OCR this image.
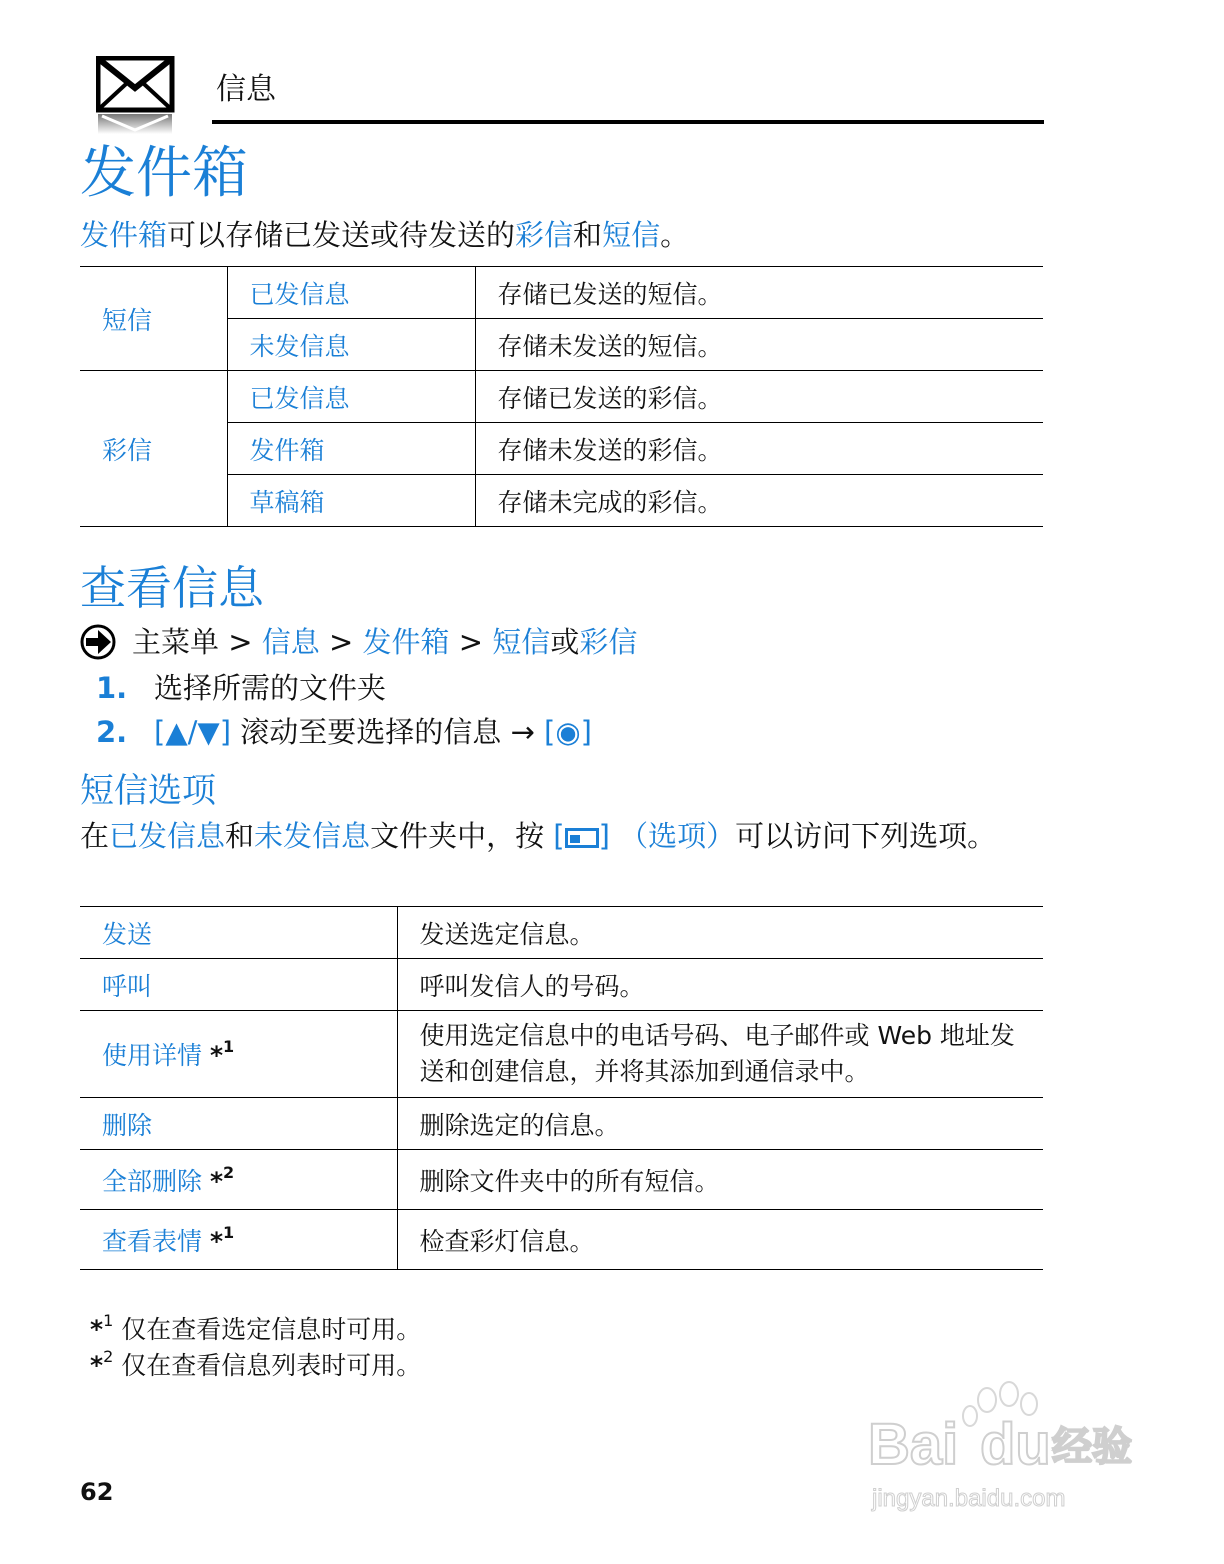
信息
发件箱
发件箱可以存储已发送或待发送的彩信和短信。
短信	已发信息	存储已发送的短信。
	未发信息	存储未发送的短信。
彩信	已发信息	存储已发送的彩信。
	发件箱	存储未发送的彩信。
	草稿箱	存储未完成的彩信。
查看信息
主菜单
>
信息
>
发件箱
>
短信 或 彩信
1. 选择所需的文件夹
2. [▲/▼] 滚动至要选择的信息 → [◉]
短信选项
在已发信息和未发信息文件夹中，按 [ ] （选项）可以访问下列选项。
发送	发送选定信息。
呼叫	呼叫发信人的号码。
使用详情 *$^1$	使用选定信息中的电话号码、电子邮件或 Web 地址发送和创建信息，并将其添加到通信录中。
删除	删除选定的信息。
全部删除 *$^2$	删除文件夹中的所有短信。
查看表情 *$^1$	检查彩灯信息。
*$^1$ 仅在查看选定信息时可用。
*$^2$ 仅在查看信息列表时可用。
62
Bai du 经验
jingyan.baidu.com
